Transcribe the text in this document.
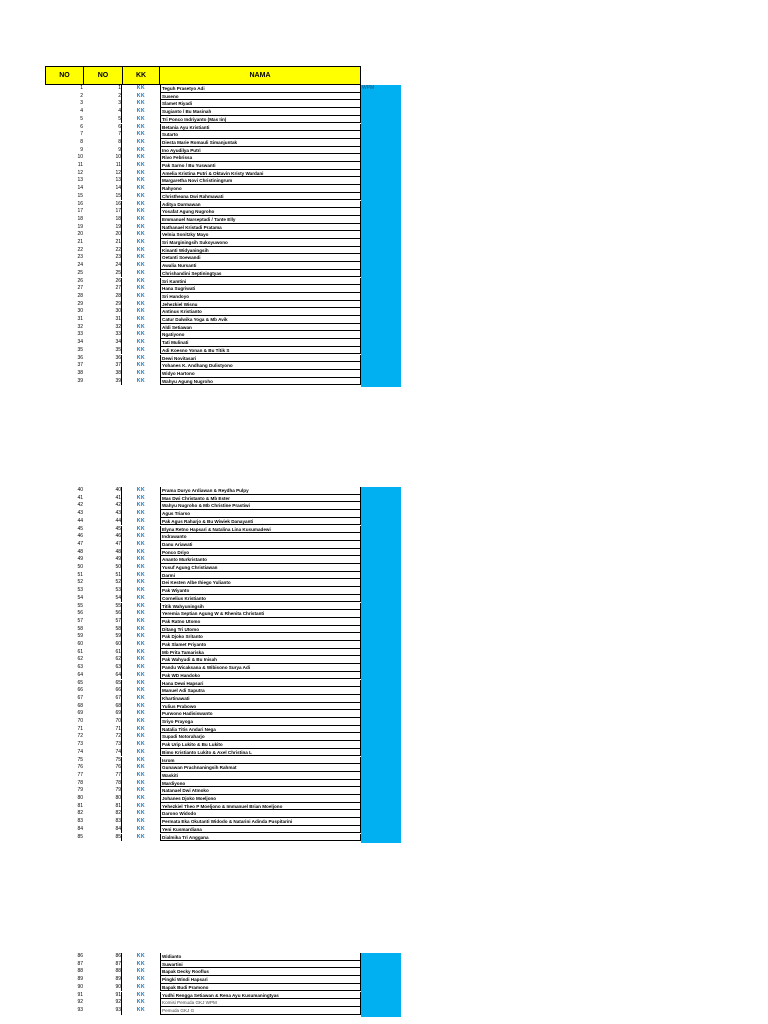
NO	NO	KK	NAMA
WPM
1	1	KK	Teguh Prasetyo Adi
2	2	KK	Suseno
3	3	KK	Slamet Riyadi
4	4	KK	Sugianto / Bu Masinah
5	5	KK	Tri Ponco Indriyanto (Mas Iin)
6	6	KK	Betania Ayu Kristianti
7	7	KK	Sutarto
8	8	KK	Diesta Marie Romauli Simanjuntak
9	9	KK	Ino Ayudilya Putri
10	10	KK	Rivo Febrissa
11	11	KK	Pak Sarno / Bu Yuswanti
12	12	KK	Amelia Kristina Putri & Oktavin Kristy Wardani
13	13	KK	Margaretha Novi Christiningrum
14	14	KK	Rahyono
15	15	KK	Christheana Dwi Rahmawati
16	16	KK	Aditya Darmawan
17	17	KK	Yosafat Agung Nugroho
18	18	KK	Emmanuel Narseptadi / Tante Elly
19	19	KK	Nathanael Kristadi Pratama
20	20	KK	Velnia Sonitzky Mayo
21	21	KK	Sri Marginingsih Sukoyuwono
22	22	KK	Kinanti Widyaningsih
23	23	KK	Oetanti Soewandi
24	24	KK	Awalia Nursanti
25	25	KK	Chrishandini Septiningtyas
26	26	KK	Sri Kamtini
27	27	KK	Hana Sugriwati
28	28	KK	Sri Handoyo
29	29	KK	Jehezkiel Wisnu
30	30	KK	Antinus Kristianto
31	31	KK	Catur Dalwika Yoga & Mb Avik
32	32	KK	Aldi Setiawan
33	33	KK	Ngatiyono
34	34	KK	Tati Mulinati
35	35	KK	Adi Koesno Yonan & Bu Titik S
36	36	KK	Dewi Novitasari
37	37	KK	Yohanes K. Andhang Dulistyono
38	38	KK	Widyo Hartono
39	39	KK	Wahyu Agung Nugroho
40	40	KK	Prama Duryo Ardiawan & Reydha Pulpy
41	41	KK	Mas Dwi Christanto & Mb Ester
42	42	KK	Wahyu Nugroho & Mb Christine Prastiwi
43	43	KK	Agus Triarso
44	44	KK	Pak Agus Raharjo & Bu Wiwiek Danayanti
45	45	KK	Elyna Retno Hapsari & Natalina Lina Kusumadewi
46	46	KK	Indrawanto
47	47	KK	Danu Ariawati
48	48	KK	Ponco Driyo
49	49	KK	Ananto Murkristanto
50	50	KK	Yusuf Agung Christiawan
51	51	KK	Darmi
52	52	KK	Dei Kesten Albe Ihiego Yulianto
53	53	KK	Pak Wiyanto
54	54	KK	Cornelius Kristianto
55	55	KK	Titik Wahyuningsih
56	56	KK	Yeremia Septian Agung W & Rhenita Christanti
57	57	KK	Pak Ratno Utomo
58	58	KK	Ditang Tri Utomo
59	59	KK	Pak Djoko Sritanto
60	60	KK	Pak Slamet Priyanto
61	61	KK	Mb Prita Tamariska
62	62	KK	Pak Wahyudi & Bu Inisah
63	63	KK	Pandu Wicaksana & Wibisono Surya Adi
64	64	KK	Pak WD Handoko
65	65	KK	Hana Dewi Hapsari
66	66	KK	Manuel Adi Saputra
67	67	KK	Khartinawati
68	68	KK	Yulius Prabowo
69	69	KK	Purwono Hadisiswanto
70	70	KK	Sriyo Prayoga
71	71	KK	Natalia Titis Andari Nega
72	72	KK	Supadi Notoraharjo
73	73	KK	Pak Urip Lukito & Bu Lukito
74	74	KK	Bimo Kristianto Lukito & Axel Christina L
75	75	KK	Isrom
76	76	KK	Gunawan Prachnaningsih Rahmat
77	77	KK	Waskiti
78	78	KK	Mardiyono
79	79	KK	Natanael Dwi Atmoko
80	80	KK	Johanes Djoko Moeljono
81	81	KK	Yehezkiel Theo P Moeljono & Immanuel Brian Moeljono
82	82	KK	Darono Widodo
83	83	KK	Permata Eka Okutanti Widodo & Natarini Adinda Puspitarini
84	84	KK	Yeni Kusmardiana
85	85	KK	Dialmika Tri Anggana
86	86	KK	Widianto
87	87	KK	Suwartini
88	88	KK	Bapak Decky Rooflus
89	89	KK	Pingki Windi Hapsari
90	90	KK	Bapak Budi Pramono
91	91	KK	Yudhi Rengga Setiawan & Rena Ayu Kusumaningtyas
92	92	KK	Komisi Pemuda GKJ WPM
93	93	KK	Pemuda GKJ G
